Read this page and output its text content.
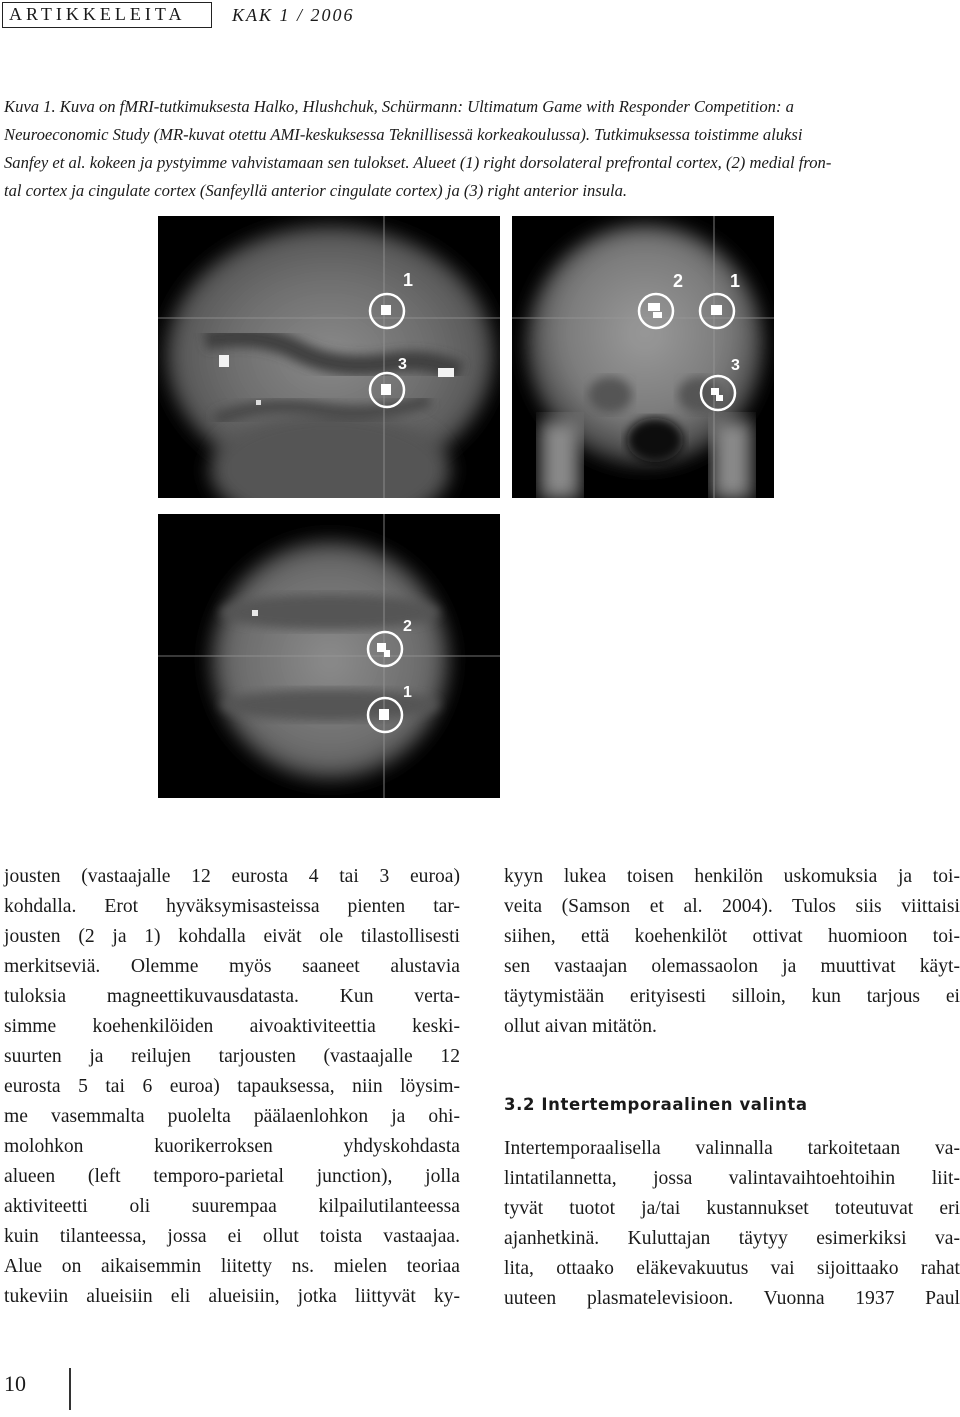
ARTIKKELEITA	KAK 1 / 2006
Kuva 1. Kuva on fMRI-tutkimuksesta Halko, Hlushchuk, Schürmann: Ultimatum Game with Responder Competition: a
Neuroeconomic Study (MR-kuvat otettu AMI-keskuksessa Teknillisessä korkeakoulussa). Tutkimuksessa toistimme aluksi
Sanfey et al. kokeen ja pystyimme vahvistamaan sen tulokset. Alueet (1) right dorsolateral prefrontal cortex, (2) medial fron-
tal cortex ja cingulate cortex (Sanfeyllä anterior cingulate cortex) ja (3) right anterior insula.
1
3
2	1
3
2
1
jousten (vastaajalle 12 eurosta 4 tai 3 euroa)
kohdalla. Erot hyväksymisasteissa pienten tar-
jousten (2 ja 1) kohdalla eivät ole tilastollisesti
merkitseviä. Olemme myös saaneet alustavia
tuloksia magneettikuvausdatasta. Kun verta-
simme koehenkilöiden aivoaktiviteettia keski-
suurten ja reilujen tarjousten (vastaajalle 12
eurosta 5 tai 6 euroa) tapauksessa, niin löysim-
me vasemmalta puolelta päälaenlohkon ja ohi-
molohkon kuorikerroksen yhdyskohdasta
alueen (left temporo-parietal junction), jolla
aktiviteetti oli suurempaa kilpailutilanteessa
kuin tilanteessa, jossa ei ollut toista vastaajaa.
Alue on aikaisemmin liitetty ns. mielen teoriaa
tukeviin alueisiin eli alueisiin, jotka liittyvät ky-
kyyn lukea toisen henkilön uskomuksia ja toi-
veita (Samson et al. 2004). Tulos siis viittaisi
siihen, että koehenkilöt ottivat huomioon toi-
sen vastaajan olemassaolon ja muuttivat käyt-
täytymistään erityisesti silloin, kun tarjous ei
ollut aivan mitätön.
3.2 Intertemporaalinen valinta
Intertemporaalisella valinnalla tarkoitetaan va-
lintatilannetta, jossa valintavaihtoehtoihin liit-
tyvät tuotot ja/tai kustannukset toteutuvat eri
ajanhetkinä. Kuluttajan täytyy esimerkiksi va-
lita, ottaako eläkevakuutus vai sijoittaako rahat
uuteen plasmatelevisioon. Vuonna 1937 Paul
10
